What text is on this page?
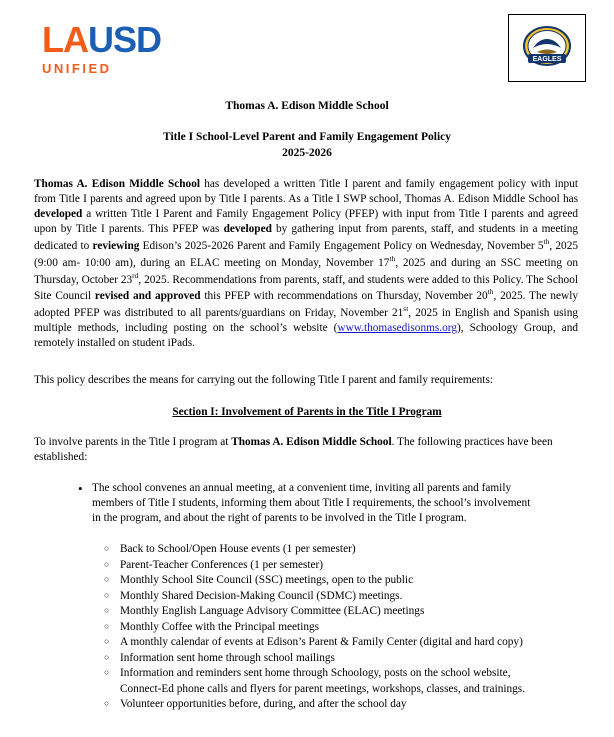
LAUSD
UNIFIED
EAGLES
Thomas A. Edison Middle School
Title I School-Level Parent and Family Engagement Policy
2025-2026

Thomas A. Edison Middle School has developed a written Title I parent and family engagement policy with input from Title I parents and agreed upon by Title I parents. As a Title I SWP school, Thomas A. Edison Middle School has developed a written Title I Parent and Family Engagement Policy (PFEP) with input from Title I parents and agreed upon by Title I parents. This PFEP was developed by gathering input from parents, staff, and students in a meeting dedicated to reviewing Edison’s 2025-2026 Parent and Family Engagement Policy on Wednesday, November 5th, 2025 (9:00 am- 10:00 am), during an ELAC meeting on Monday, November 17th, 2025 and during an SSC meeting on Thursday, October 23rd, 2025. Recommendations from parents, staff, and students were added to this Policy. The School Site Council revised and approved this PFEP with recommendations on Thursday, November 20th, 2025. The newly adopted PFEP was distributed to all parents/guardians on Friday, November 21st, 2025 in English and Spanish using multiple methods, including posting on the school’s website (www.thomasedisonms.org), Schoology Group, and remotely installed on student iPads.

This policy describes the means for carrying out the following Title I parent and family requirements:
Section I: Involvement of Parents in the Title I Program
To involve parents in the Title I program at Thomas A. Edison Middle School. The following practices have been established:
• The school convenes an annual meeting, at a convenient time, inviting all parents and family members of Title I students, informing them about Title I requirements, the school’s involvement in the program, and about the right of parents to be involved in the Title I program.
○ Back to School/Open House events (1 per semester)
○ Parent-Teacher Conferences (1 per semester)
○ Monthly School Site Council (SSC) meetings, open to the public
○ Monthly Shared Decision-Making Council (SDMC) meetings.
○ Monthly English Language Advisory Committee (ELAC) meetings
○ Monthly Coffee with the Principal meetings
○ A monthly calendar of events at Edison’s Parent & Family Center (digital and hard copy)
○ Information sent home through school mailings
○ Information and reminders sent home through Schoology, posts on the school website, Connect-Ed phone calls and flyers for parent meetings, workshops, classes, and trainings.
○ Volunteer opportunities before, during, and after the school day
